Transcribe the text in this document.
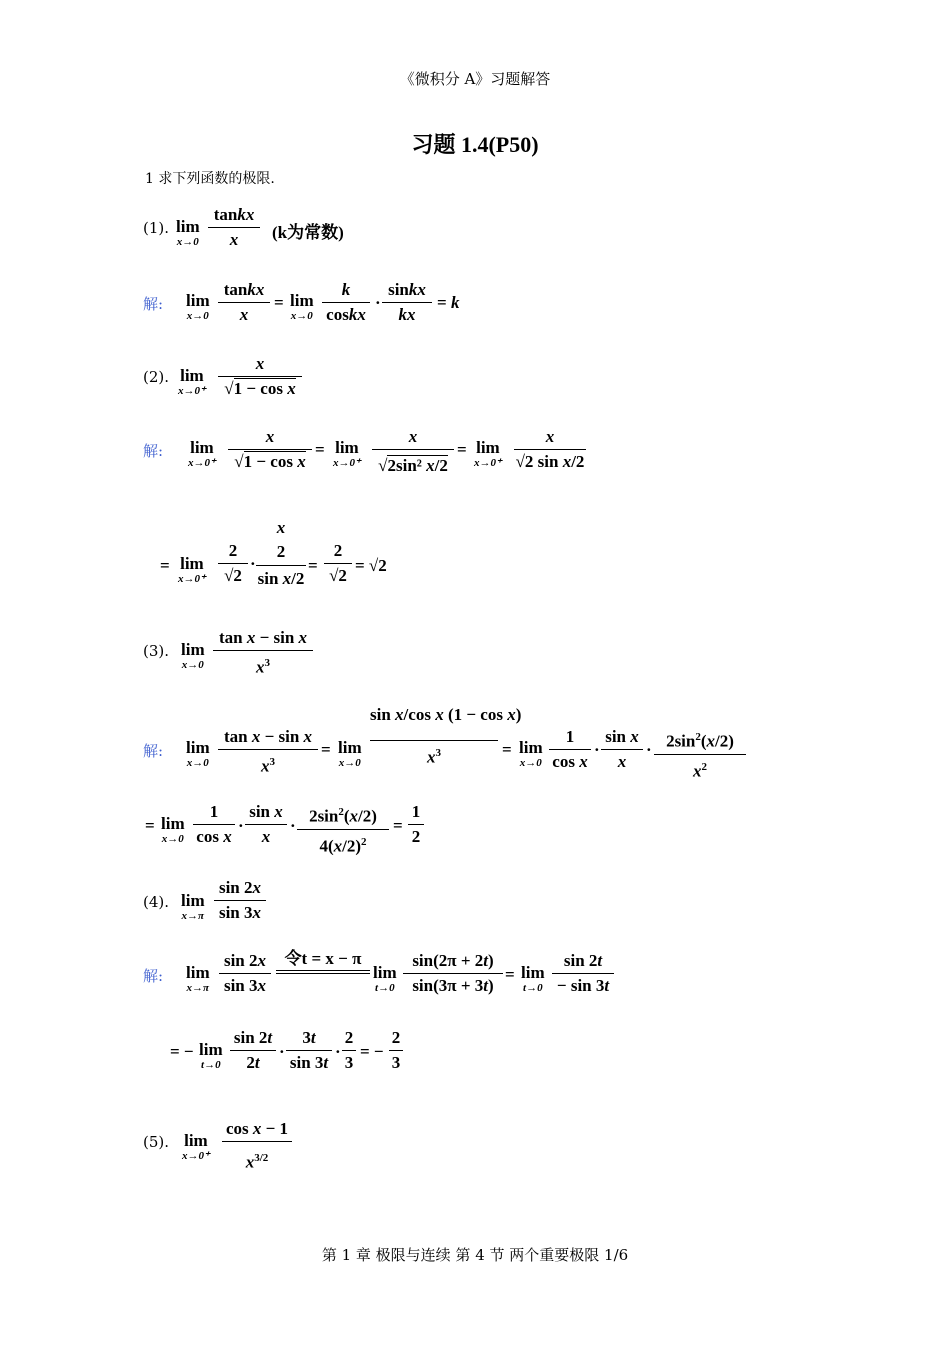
《微积分 A》习题解答
习题 1.4(P50)
1 求下列函数的极限.
(1). lim
x→0
tankx
x	(k为常数)
解: lim
x→0
tankx
x
= lim
x→0
k
coskx
·
sinkx
kx
= k
(2). lim
x→0⁺
x
√1 − cos x
解: lim
x→0⁺
x
√1 − cos x
= lim
x→0⁺
x
√2sin² x/2
= lim
x→0⁺
x
√2 sin x/2
= lim
x→0⁺
2
√2
·
x
2
sin x/2
=
2
√2
= √2
(3). lim
x→0
tan x − sin x
$x^3$
解: lim
x→0
tan x − sin x
$x^3$
= lim
x→0
sin x/cos x (1 − cos x)
$x^3$	= lim
x→0
1
cos x
·
sin x
x
· $2\sin^2(x/2)$
$x^2$
= lim
x→0
1
cos x
·
sin x
x
· $2\sin^2(x/2)$
$4(x/2)^2$
=
1
2
(4). lim
x→π
sin 2x
sin 3x
解: lim
x→π
sin 2x
sin 3x
令t = x − π
lim
t→0
sin(2π + 2t)
sin(3π + 3t)
= lim
t→0
sin 2t
− sin 3t
= − lim
t→0
sin 2t
2t
·
3t
sin 3t
·
2
3
= −
2
3
(5). lim
x→0⁺
cos x − 1
$x^{3/2}$
第 1 章 极限与连续 第 4 节 两个重要极限 1/6
